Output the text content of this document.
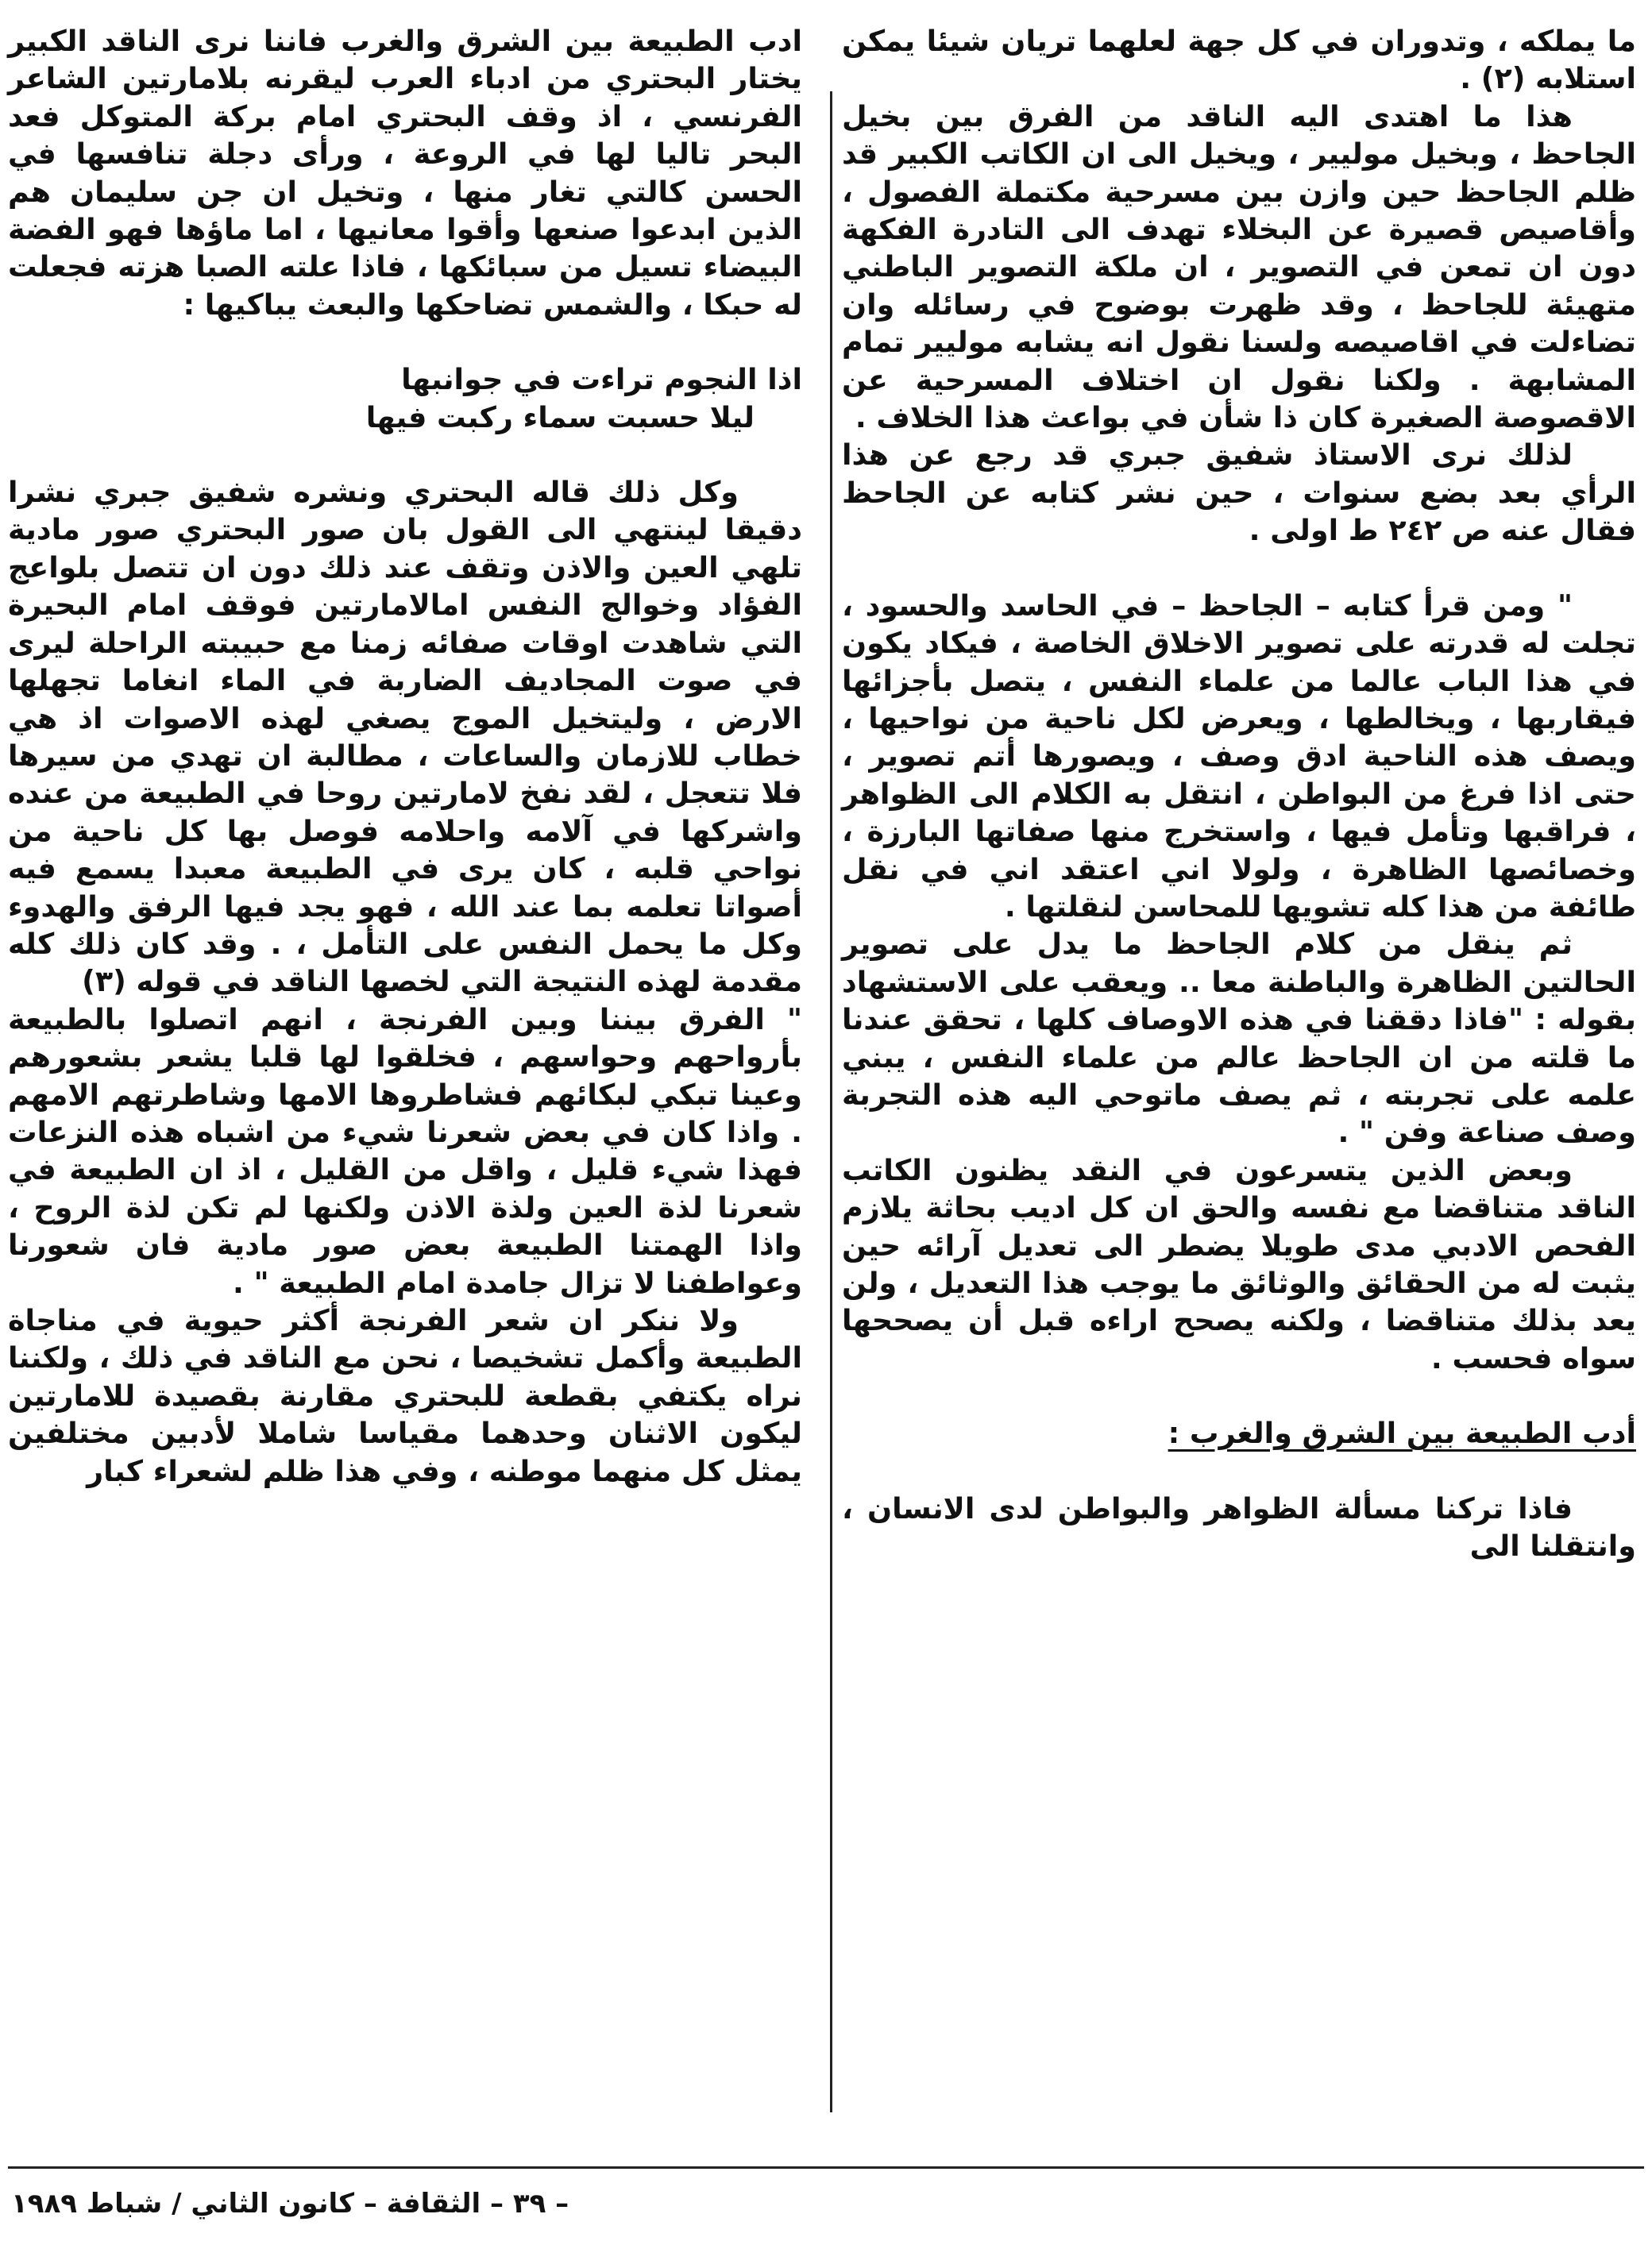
ما يملكه ، وتدوران في كل جهة لعلهما تريان شيئا يمكن استلابه (٢) .

هذا ما اهتدى اليه الناقد من الفرق بين بخيل الجاحظ ، وبخيل موليير ، ويخيل الى ان الكاتب الكبير قد ظلم الجاحظ حين وازن بين مسرحية مكتملة الفصول ، وأقاصيص قصيرة عن البخلاء تهدف الى التادرة الفكهة دون ان تمعن في التصوير ، ان ملكة التصوير الباطني متهيئة للجاحظ ، وقد ظهرت بوضوح في رسائله وان تضاءلت في اقاصيصه ولسنا نقول انه يشابه موليير تمام المشابهة . ولكنا نقول ان اختلاف المسرحية عن الاقصوصة الصغيرة كان ذا شأن في بواعث هذا الخلاف .

لذلك نرى الاستاذ شفيق جبري قد رجع عن هذا الرأي بعد بضع سنوات ، حين نشر كتابه عن الجاحظ فقال عنه ص ٢٤٢ ط اولى .

" ومن قرأ كتابه – الجاحظ – في الحاسد والحسود ، تجلت له قدرته على تصوير الاخلاق الخاصة ، فيكاد يكون في هذا الباب عالما من علماء النفس ، يتصل بأجزائها فيقاربها ، ويخالطها ، ويعرض لكل ناحية من نواحيها ، ويصف هذه الناحية ادق وصف ، ويصورها أتم تصوير ، حتى اذا فرغ من البواطن ، انتقل به الكلام الى الظواهر ، فراقبها وتأمل فيها ، واستخرج منها صفاتها البارزة ، وخصائصها الظاهرة ، ولولا اني اعتقد اني في نقل طائفة من هذا كله تشويها للمحاسن لنقلتها .

ثم ينقل من كلام الجاحظ ما يدل على تصوير الحالتين الظاهرة والباطنة معا .. ويعقب على الاستشهاد بقوله : "فاذا دققنا في هذه الاوصاف كلها ، تحقق عندنا ما قلته من ان الجاحظ عالم من علماء النفس ، يبني علمه على تجربته ، ثم يصف ماتوحي اليه هذه التجربة وصف صناعة وفن " .

وبعض الذين يتسرعون في النقد يظنون الكاتب الناقد متناقضا مع نفسه والحق ان كل اديب بحاثة يلازم الفحص الادبي مدى طويلا يضطر الى تعديل آرائه حين يثبت له من الحقائق والوثائق ما يوجب هذا التعديل ، ولن يعد بذلك متناقضا ، ولكنه يصحح اراءه قبل أن يصححها سواه فحسب .

أدب الطبيعة بين الشرق والغرب :

فاذا تركنا مسألة الظواهر والبواطن لدى الانسان ، وانتقلنا الى

ادب الطبيعة بين الشرق والغرب فاننا نرى الناقد الكبير يختار البحتري من ادباء العرب ليقرنه بلامارتين الشاعر الفرنسي ، اذ وقف البحتري امام بركة المتوكل فعد البحر تاليا لها في الروعة ، ورأى دجلة تنافسها في الحسن كالتي تغار منها ، وتخيل ان جن سليمان هم الذين ابدعوا صنعها وأقوا معانيها ، اما ماؤها فهو الفضة البيضاء تسيل من سبائكها ، فاذا علته الصبا هزته فجعلت له حبكا ، والشمس تضاحكها والبعث يباكيها :

اذا النجوم تراءت في جوانبها

ليلا حسبت سماء ركبت فيها

وكل ذلك قاله البحتري ونشره شفيق جبري نشرا دقيقا لينتهي الى القول بان صور البحتري صور مادية تلهي العين والاذن وتقف عند ذلك دون ان تتصل بلواعج الفؤاد وخوالج النفس امالامارتين فوقف امام البحيرة التي شاهدت اوقات صفائه زمنا مع حبيبته الراحلة ليرى في صوت المجاديف الضاربة في الماء انغاما تجهلها الارض ، وليتخيل الموج يصغي لهذه الاصوات اذ هي خطاب للازمان والساعات ، مطالبة ان تهدي من سيرها فلا تتعجل ، لقد نفخ لامارتين روحا في الطبيعة من عنده واشركها في آلامه واحلامه فوصل بها كل ناحية من نواحي قلبه ، كان يرى في الطبيعة معبدا يسمع فيه أصواتا تعلمه بما عند الله ، فهو يجد فيها الرفق والهدوء وكل ما يحمل النفس على التأمل ، . وقد كان ذلك كله مقدمة لهذه النتيجة التي لخصها الناقد في قوله (٣)

" الفرق بيننا وبين الفرنجة ، انهم اتصلوا بالطبيعة بأرواحهم وحواسهم ، فخلقوا لها قلبا يشعر بشعورهم وعينا تبكي لبكائهم فشاطروها الامها وشاطرتهم الامهم . واذا كان في بعض شعرنا شيء من اشباه هذه النزعات فهذا شيء قليل ، واقل من القليل ، اذ ان الطبيعة في شعرنا لذة العين ولذة الاذن ولكنها لم تكن لذة الروح ، واذا الهمتنا الطبيعة بعض صور مادية فان شعورنا وعواطفنا لا تزال جامدة امام الطبيعة " .

ولا ننكر ان شعر الفرنجة أكثر حيوية في مناجاة الطبيعة وأكمل تشخيصا ، نحن مع الناقد في ذلك ، ولكننا نراه يكتفي بقطعة للبحتري مقارنة بقصيدة للامارتين ليكون الاثنان وحدهما مقياسا شاملا لأدبين مختلفين يمثل كل منهما موطنه ، وفي هذا ظلم لشعراء كبار

– ٣٩ – الثقافة – كانون الثاني / شباط ١٩٨٩
